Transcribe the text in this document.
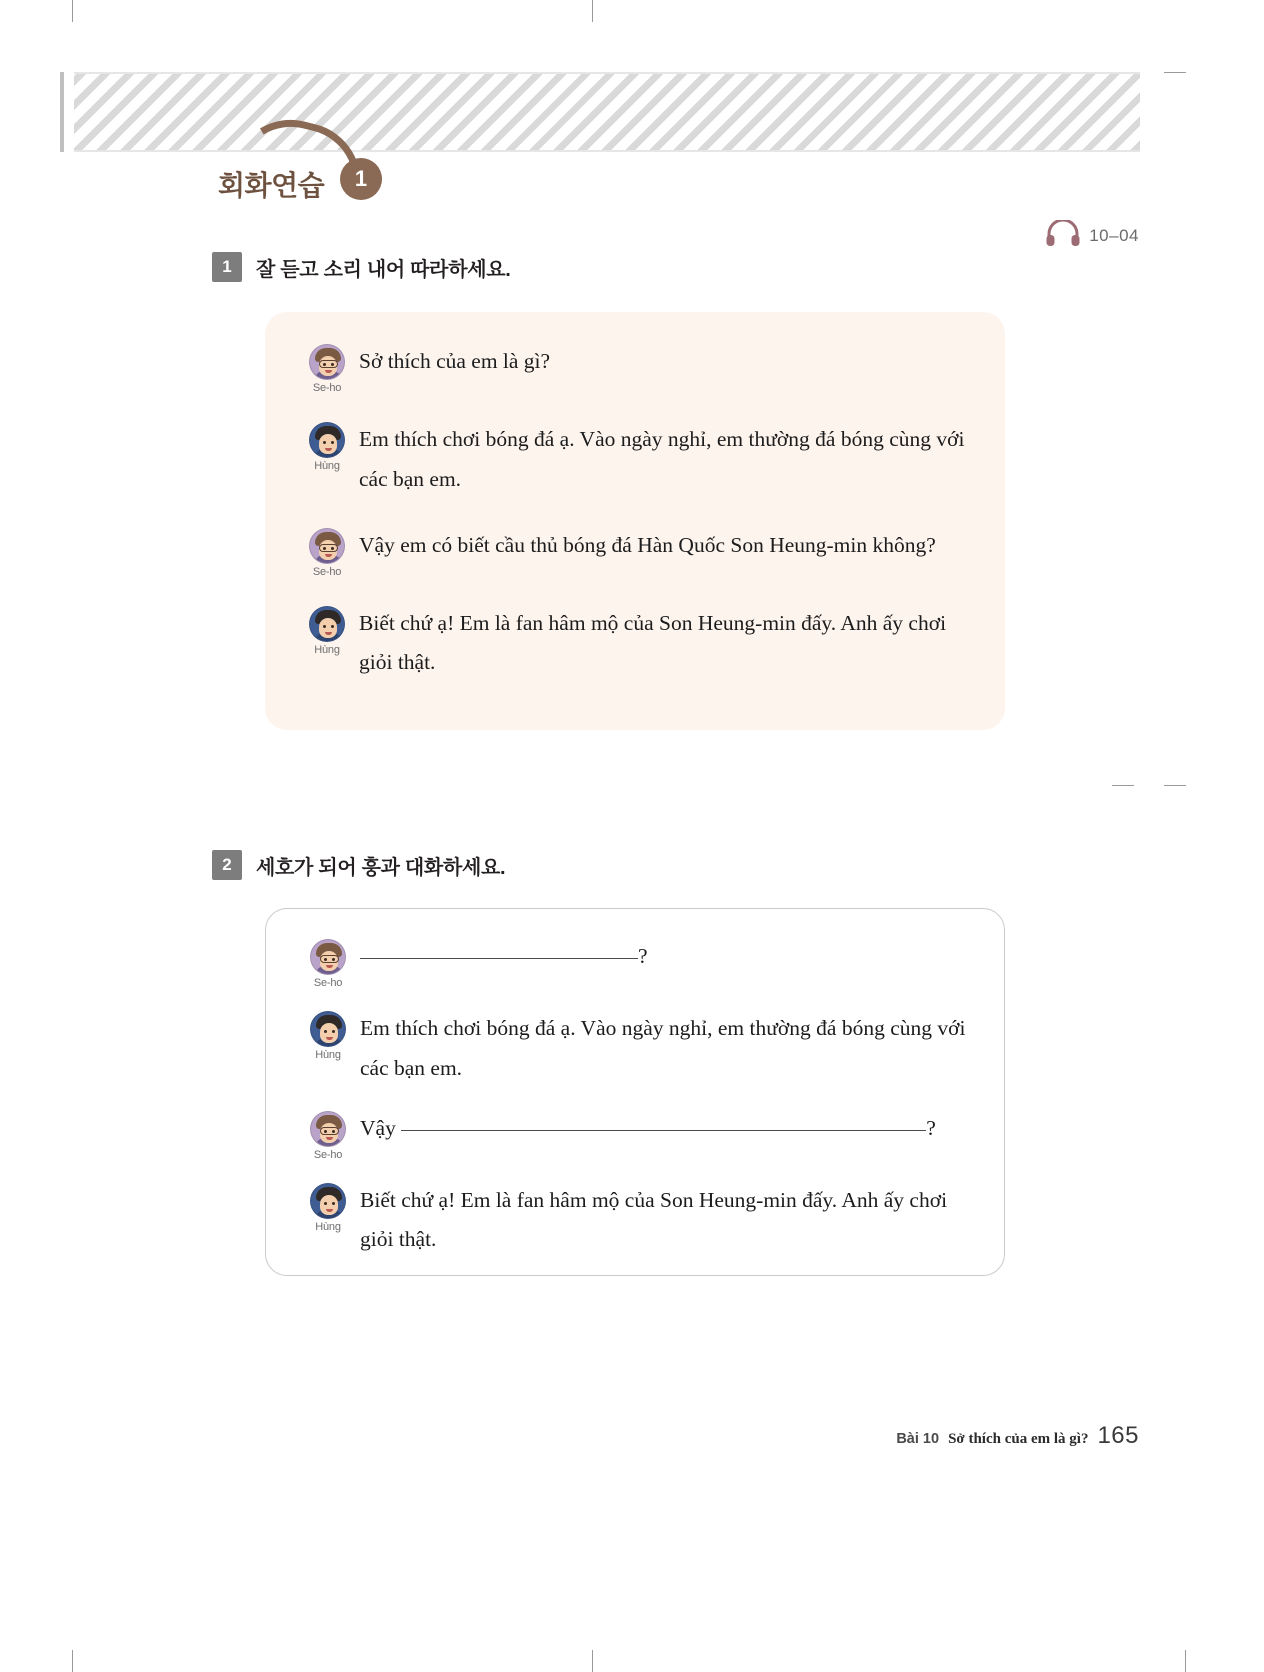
회화연습	1
10–04
1	잘 듣고 소리 내어 따라하세요.
Se-ho
Sở thích của em là gì?
Hùng
Em thích chơi bóng đá ạ. Vào ngày nghỉ, em thường đá bóng cùng với các bạn em.
Se-ho
Vậy em có biết cầu thủ bóng đá Hàn Quốc Son Heung-min không?
Hùng
Biết chứ ạ! Em là fan hâm mộ của Son Heung-min đấy. Anh ấy chơi giỏi thật.
2	세호가 되어 훙과 대화하세요.
Se-ho
?
Hùng
Em thích chơi bóng đá ạ. Vào ngày nghỉ, em thường đá bóng cùng với các bạn em.
Se-ho
Vậy	?
Hùng
Biết chứ ạ! Em là fan hâm mộ của Son Heung-min đấy. Anh ấy chơi giỏi thật.
Bài 10 Sở thích của em là gì? 165
